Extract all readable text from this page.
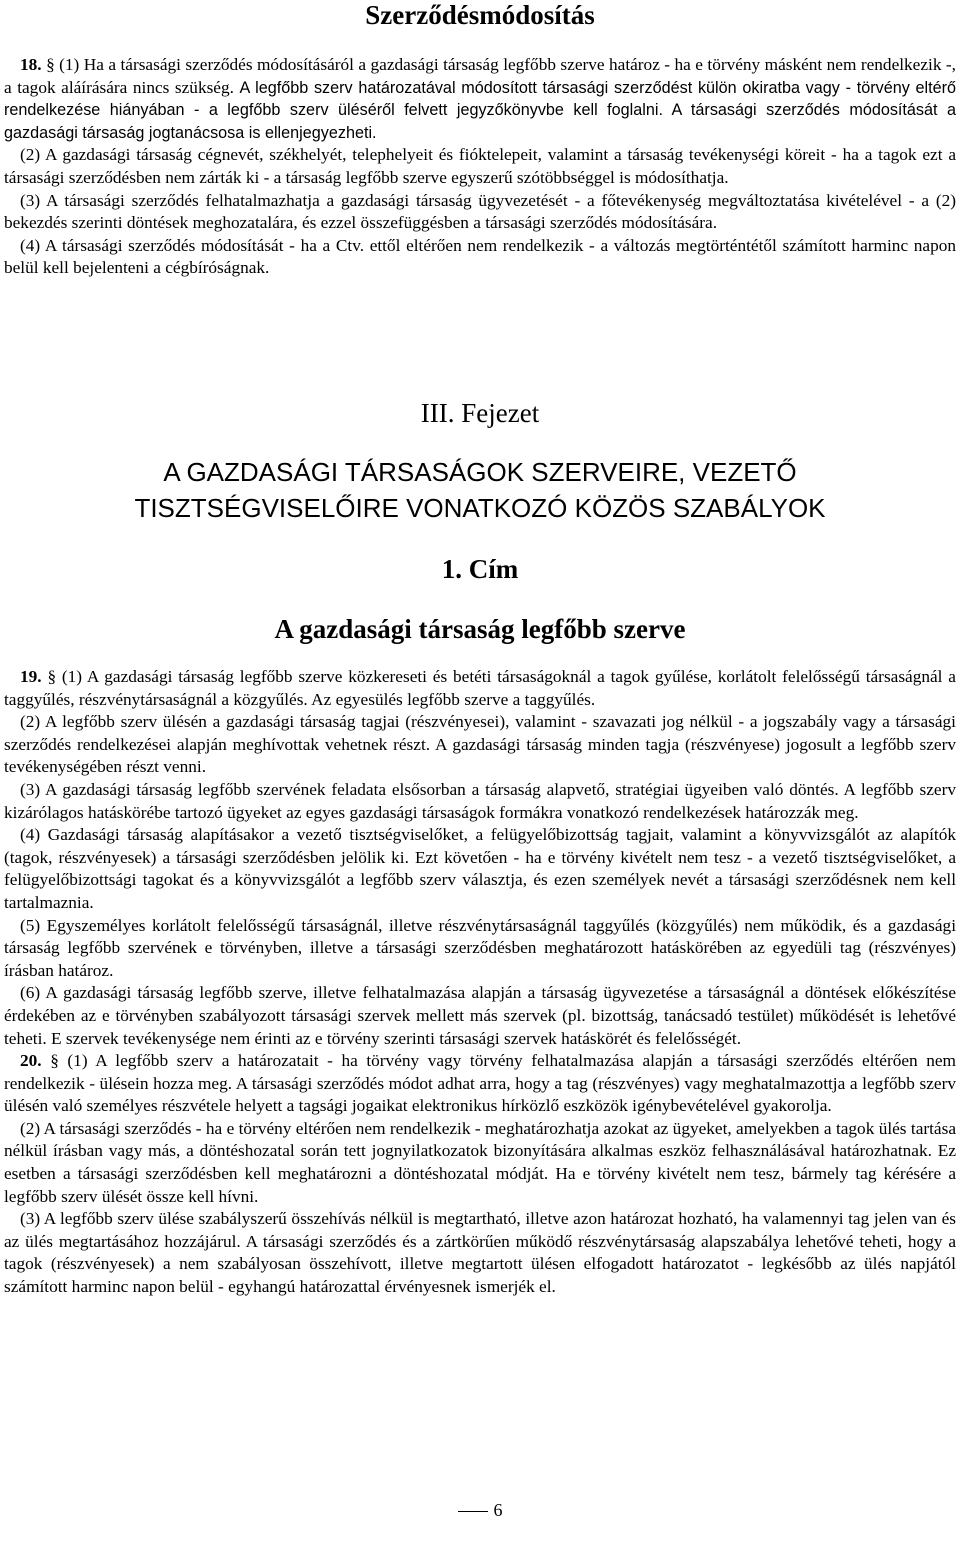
Szerződésmódosítás

18. § (1) Ha a társasági szerződés módosításáról a gazdasági társaság legfőbb szerve határoz - ha e törvény másként nem rendelkezik -, a tagok aláírására nincs szükség. A legfőbb szerv határozatával módosított társasági szerződést külön okiratba vagy - törvény eltérő rendelkezése hiányában - a legfőbb szerv üléséről felvett jegyzőkönyvbe kell foglalni. A társasági szerződés módosítását a gazdasági társaság jogtanácsosa is ellenjegyezheti.

(2) A gazdasági társaság cégnevét, székhelyét, telephelyeit és fióktelepeit, valamint a társaság tevékenységi köreit - ha a tagok ezt a társasági szerződésben nem zárták ki - a társaság legfőbb szerve egyszerű szótöbbséggel is módosíthatja.

(3) A társasági szerződés felhatalmazhatja a gazdasági társaság ügyvezetését - a főtevékenység megváltoztatása kivételével - a (2) bekezdés szerinti döntések meghozatalára, és ezzel összefüggésben a társasági szerződés módosítására.

(4) A társasági szerződés módosítását - ha a Ctv. ettől eltérően nem rendelkezik - a változás megtörténtétől számított harminc napon belül kell bejelenteni a cégbíróságnak.

III. Fejezet
A GAZDASÁGI TÁRSASÁGOK SZERVEIRE, VEZETŐ
TISZTSÉGVISELŐIRE VONATKOZÓ KÖZÖS SZABÁLYOK
1. Cím
A gazdasági társaság legfőbb szerve

19. § (1) A gazdasági társaság legfőbb szerve közkereseti és betéti társaságoknál a tagok gyűlése, korlátolt felelősségű társaságnál a taggyűlés, részvénytársaságnál a közgyűlés. Az egyesülés legfőbb szerve a taggyűlés.

(2) A legfőbb szerv ülésén a gazdasági társaság tagjai (részvényesei), valamint - szavazati jog nélkül - a jogszabály vagy a társasági szerződés rendelkezései alapján meghívottak vehetnek részt. A gazdasági társaság minden tagja (részvényese) jogosult a legfőbb szerv tevékenységében részt venni.

(3) A gazdasági társaság legfőbb szervének feladata elsősorban a társaság alapvető, stratégiai ügyeiben való döntés. A legfőbb szerv kizárólagos hatáskörébe tartozó ügyeket az egyes gazdasági társaságok formákra vonatkozó rendelkezések határozzák meg.

(4) Gazdasági társaság alapításakor a vezető tisztségviselőket, a felügyelőbizottság tagjait, valamint a könyvvizsgálót az alapítók (tagok, részvényesek) a társasági szerződésben jelölik ki. Ezt követően - ha e törvény kivételt nem tesz - a vezető tisztségviselőket, a felügyelőbizottsági tagokat és a könyvvizsgálót a legfőbb szerv választja, és ezen személyek nevét a társasági szerződésnek nem kell tartalmaznia.

(5) Egyszemélyes korlátolt felelősségű társaságnál, illetve részvénytársaságnál taggyűlés (közgyűlés) nem működik, és a gazdasági társaság legfőbb szervének e törvényben, illetve a társasági szerződésben meghatározott hatáskörében az egyedüli tag (részvényes) írásban határoz.

(6) A gazdasági társaság legfőbb szerve, illetve felhatalmazása alapján a társaság ügyvezetése a társaságnál a döntések előkészítése érdekében az e törvényben szabályozott társasági szervek mellett más szervek (pl. bizottság, tanácsadó testület) működését is lehetővé teheti. E szervek tevékenysége nem érinti az e törvény szerinti társasági szervek hatáskörét és felelősségét.

20. § (1) A legfőbb szerv a határozatait - ha törvény vagy törvény felhatalmazása alapján a társasági szerződés eltérően nem rendelkezik - ülésein hozza meg. A társasági szerződés módot adhat arra, hogy a tag (részvényes) vagy meghatalmazottja a legfőbb szerv ülésén való személyes részvétele helyett a tagsági jogaikat elektronikus hírközlő eszközök igénybevételével gyakorolja.

(2) A társasági szerződés - ha e törvény eltérően nem rendelkezik - meghatározhatja azokat az ügyeket, amelyekben a tagok ülés tartása nélkül írásban vagy más, a döntéshozatal során tett jognyilatkozatok bizonyítására alkalmas eszköz felhasználásával határozhatnak. Ez esetben a társasági szerződésben kell meghatározni a döntéshozatal módját. Ha e törvény kivételt nem tesz, bármely tag kérésére a legfőbb szerv ülését össze kell hívni.

(3) A legfőbb szerv ülése szabályszerű összehívás nélkül is megtartható, illetve azon határozat hozható, ha valamennyi tag jelen van és az ülés megtartásához hozzájárul. A társasági szerződés és a zártkörűen működő részvénytársaság alapszabálya lehetővé teheti, hogy a tagok (részvényesek) a nem szabályosan összehívott, illetve megtartott ülésen elfogadott határozatot - legkésőbb az ülés napjától számított harminc napon belül - egyhangú határozattal érvényesnek ismerjék el.

6
